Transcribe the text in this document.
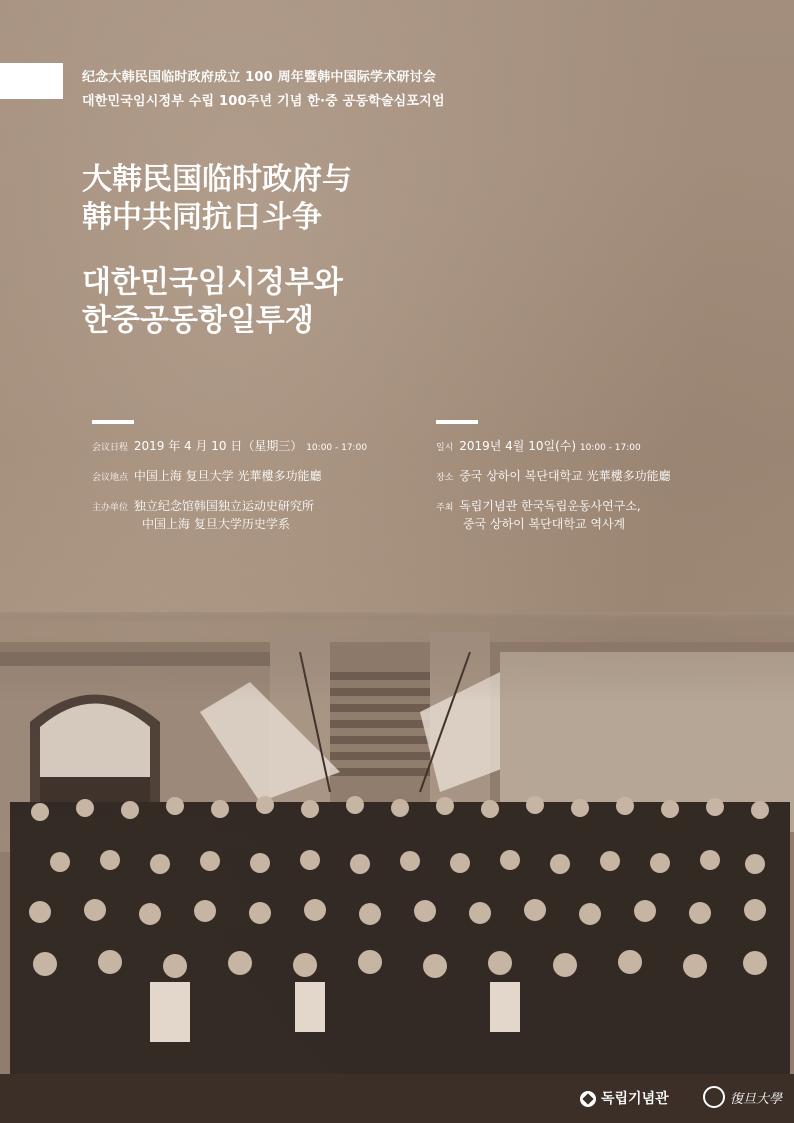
纪念大韩民国临时政府成立 100 周年暨韩中国际学术研讨会
대한민국임시정부 수립 100주년 기념 한·중 공동학술심포지엄
大韩民国临时政府与
韩中共同抗日斗争
대한민국임시정부와
한중공동항일투쟁
会议日程 2019 年 4 月 10 日（星期三） 10:00 - 17:00
会议地点 中国上海 复旦大学 光華樓多功能廳
主办单位 独立纪念馆韩国独立运动史研究所
中国上海 复旦大学历史学系
일시 2019년 4월 10일(수) 10:00 - 17:00
장소 중국 상하이 복단대학교 光華樓多功能廳
주최 독립기념관 한국독립운동사연구소,
중국 상하이 복단대학교 역사계
독립기념관	復旦大學
